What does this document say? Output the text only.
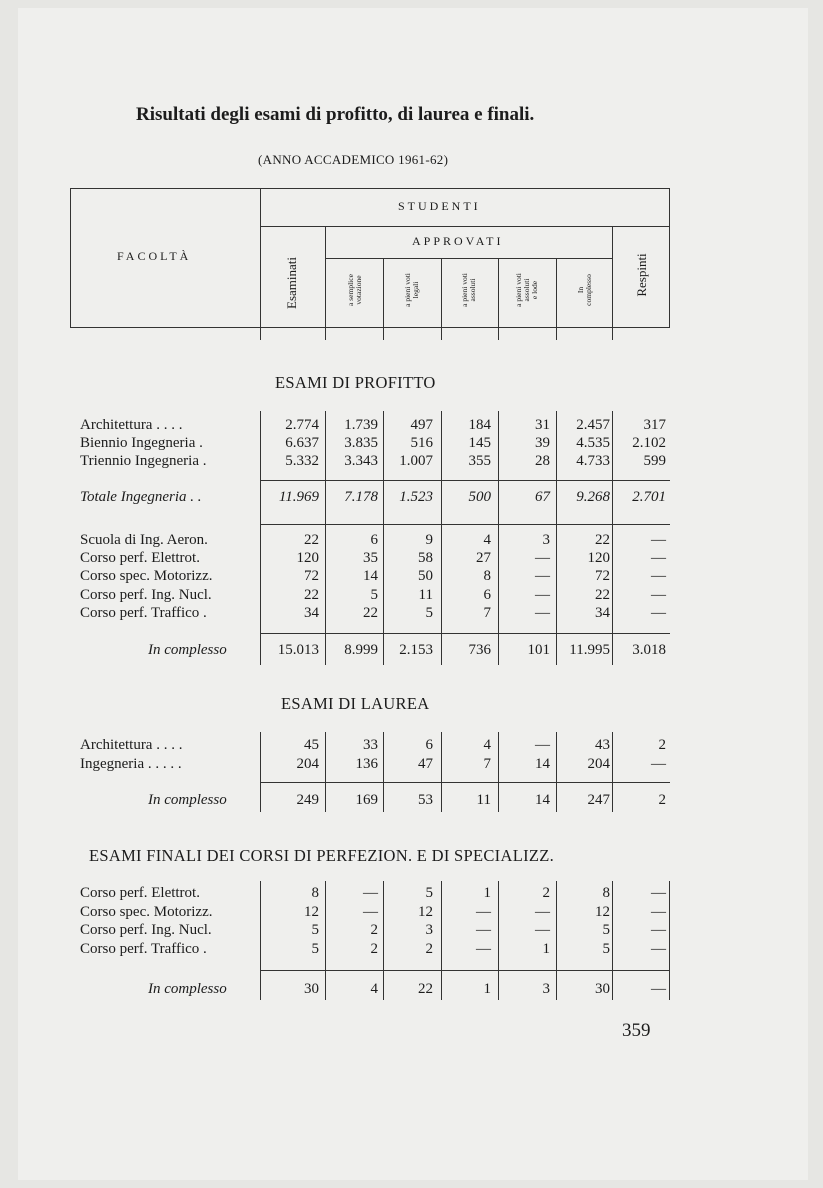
Risultati degli esami di profitto, di laurea e finali.
(ANNO ACCADEMICO 1961-62)
FACOLTÀ
STUDENTI
APPROVATI
Esaminati	a semplice votazione	a pieni voti legali	a pieni voti assoluti	a pieni voti assoluti e lode	In complesso	Respinti
ESAMI DI PROFITTO
Architettura . . . .	2.774 1.739 497 184	31 2.457 317
Biennio Ingegneria .	6.637 3.835 516 145	39 4.535 2.102
Triennio Ingegneria .	5.332 3.343 1.007 355	28 4.733 599
Totale Ingegneria . .	11.969 7.178 1.523 500	67 9.268 2.701
Scuola di Ing. Aeron.	22	6	9	4	3	22	—
Corso perf. Elettrot.	120	35	58	27	—	120	—
Corso spec. Motorizz.	72	14	50	8	—	72	—
Corso perf. Ing. Nucl.	22	5	11	6	—	22	—
Corso perf. Traffico .	34	22	5	7	—	34	—
In complesso	15.013 8.999 2.153 736 101 11.995 3.018
ESAMI DI LAUREA
Architettura . . . .	45	33	6	4	—	43	2
Ingegneria . . . . .	204 136	47	7	14	204	—
In complesso	249 169	53	11	14	247	2
ESAMI FINALI DEI CORSI DI PERFEZION. E DI SPECIALIZZ.
Corso perf. Elettrot.	8	—	5	1	2	8	—
Corso spec. Motorizz.	12	—	12	—	—	12	—
Corso perf. Ing. Nucl.	5	2	3	—	—	5	—
Corso perf. Traffico .	5	2	2	—	1	5	—
In complesso	30	4	22	1	3	30	—
359
